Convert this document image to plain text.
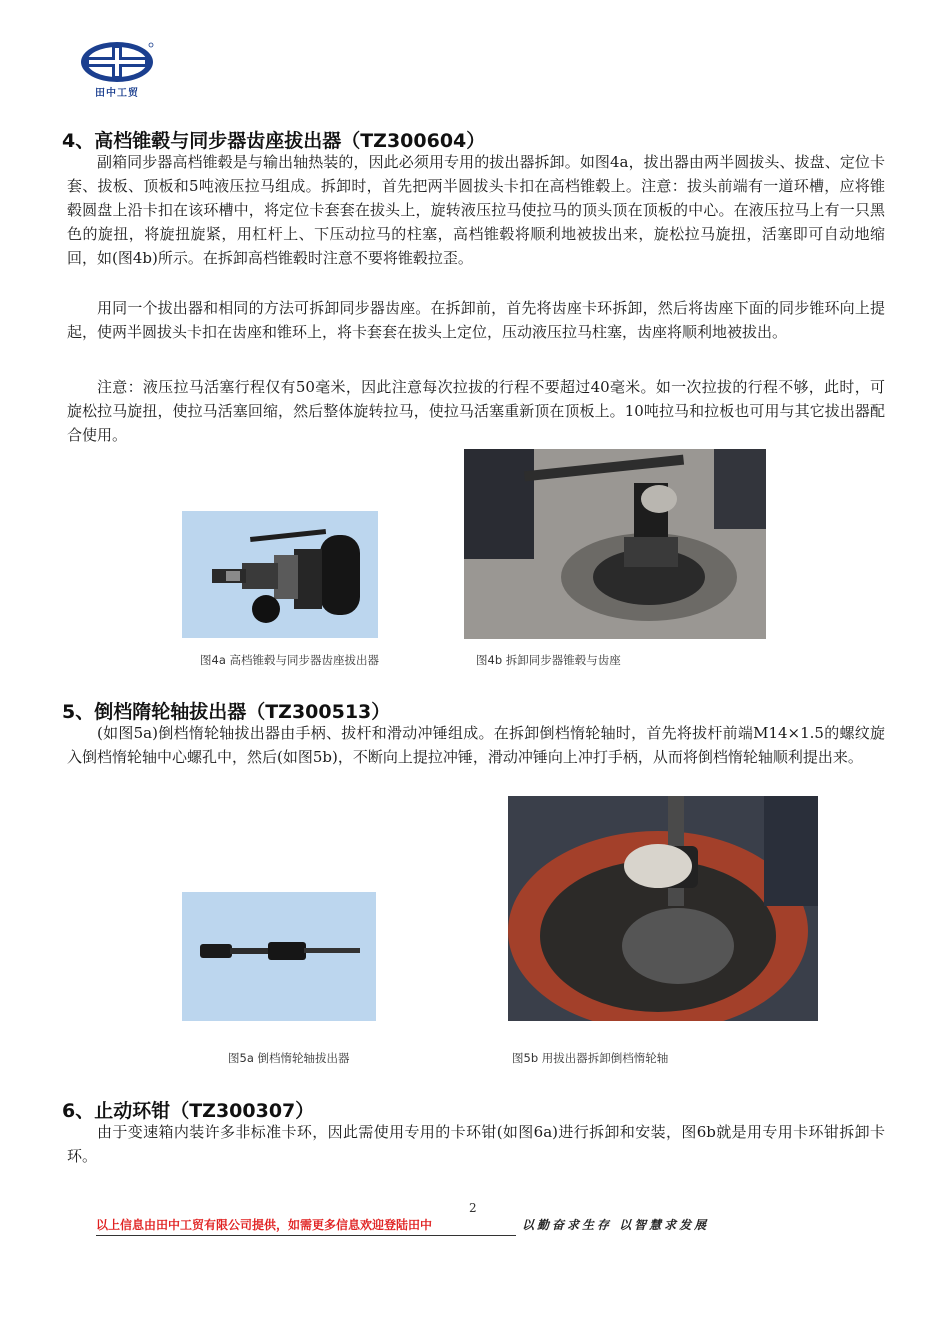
田中工贸
4、高档锥毂与同步器齿座拔出器（TZ300604）

副箱同步器高档锥毂是与输出轴热装的，因此必须用专用的拔出器拆卸。如图4a，拔出器由两半圆拔头、拔盘、定位卡套、拔板、顶板和5吨液压拉马组成。拆卸时，首先把两半圆拔头卡扣在高档锥毂上。注意：拔头前端有一道环槽，应将锥毂圆盘上沿卡扣在该环槽中，将定位卡套套在拔头上，旋转液压拉马使拉马的顶头顶在顶板的中心。在液压拉马上有一只黑色的旋扭，将旋扭旋紧，用杠杆上、下压动拉马的柱塞，高档锥毂将顺利地被拔出来，旋松拉马旋扭，活塞即可自动地缩回，如(图4b)所示。在拆卸高档锥毂时注意不要将锥毂拉歪。

用同一个拔出器和相同的方法可拆卸同步器齿座。在拆卸前，首先将齿座卡环拆卸，然后将齿座下面的同步锥环向上提起，使两半圆拔头卡扣在齿座和锥环上，将卡套套在拔头上定位，压动液压拉马柱塞，齿座将顺利地被拔出。

注意：液压拉马活塞行程仅有50毫米，因此注意每次拉拔的行程不要超过40毫米。如一次拉拔的行程不够，此时，可旋松拉马旋扭，使拉马活塞回缩，然后整体旋转拉马，使拉马活塞重新顶在顶板上。10吨拉马和拉板也可用与其它拔出器配合使用。

图4a 高档锥毂与同步器齿座拔出器	图4b 拆卸同步器锥毂与齿座
5、倒档隋轮轴拔出器（TZ300513）

(如图5a)倒档惰轮轴拔出器由手柄、拔杆和滑动冲锤组成。在拆卸倒档惰轮轴时，首先将拔杆前端M14×1.5的螺纹旋入倒档惰轮轴中心螺孔中，然后(如图5b)，不断向上提拉冲锤，滑动冲锤向上冲打手柄，从而将倒档惰轮轴顺利提出来。

图5a 倒档惰轮轴拔出器	图5b 用拔出器拆卸倒档惰轮轴
6、止动环钳（TZ300307）

由于变速箱内装许多非标准卡环，因此需使用专用的卡环钳(如图6a)进行拆卸和安装，图6b就是用专用卡环钳拆卸卡环。

2
以上信息由田中工贸有限公司提供，如需更多信息欢迎登陆田中	以勤奋求生存 以智慧求发展
